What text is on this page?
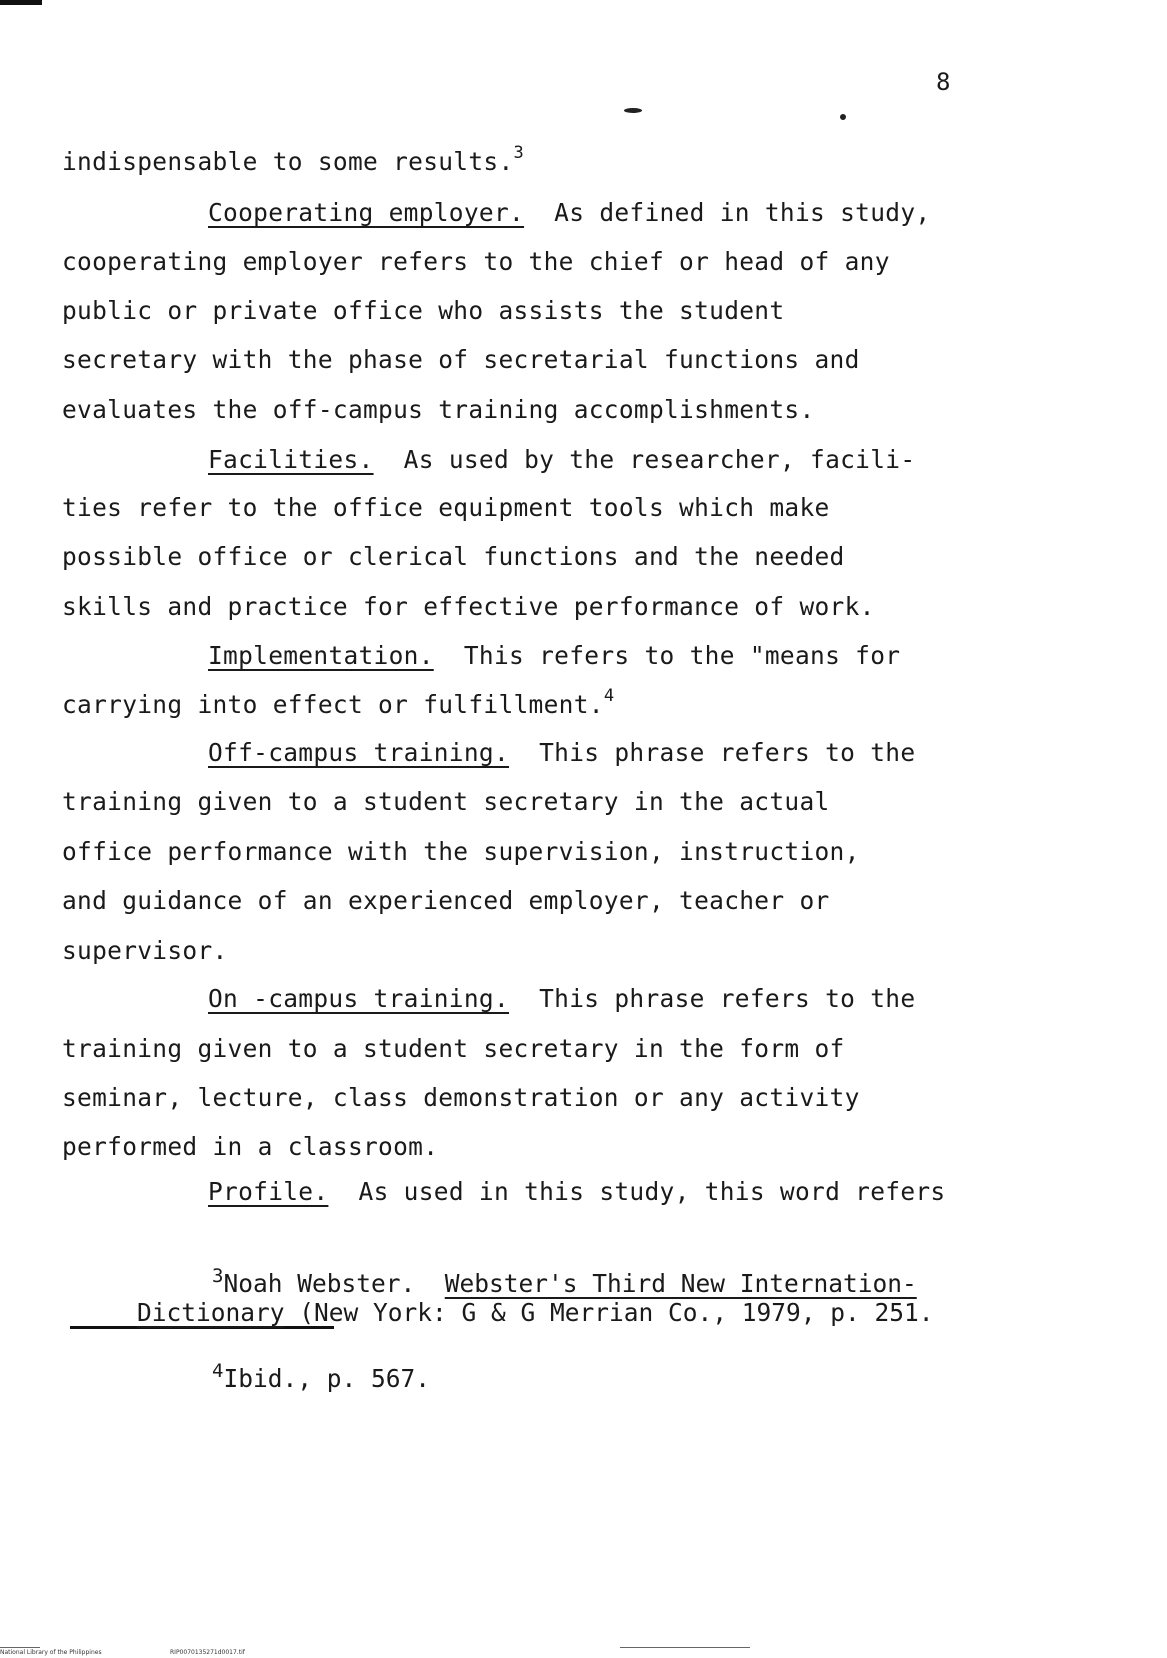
8
indispensable to some results.$^3$
Cooperating employer. As defined in this study,
cooperating employer refers to the chief or head of any
public or private office who assists the student
secretary with the phase of secretarial functions and
evaluates the off-campus training accomplishments.
Facilities. As used by the researcher, facili-
ties refer to the office equipment tools which make
possible office or clerical functions and the needed
skills and practice for effective performance of work.
Implementation. This refers to the "means for
carrying into effect or fulfillment.$^4$
Off-campus training. This phrase refers to the
training given to a student secretary in the actual
office performance with the supervision, instruction,
and guidance of an experienced employer, teacher or
supervisor.
On -campus training. This phrase refers to the
training given to a student secretary in the form of
seminar, lecture, class demonstration or any activity
performed in a classroom.
Profile. As used in this study, this word refers
$^3$Noah Webster. Webster's Third New Internation-
Dictionary (New York: G & G Merrian Co., 1979, p. 251.
$^4$Ibid., p. 567.
National Library of the Philippines	RIP0070135271d0017.tif
